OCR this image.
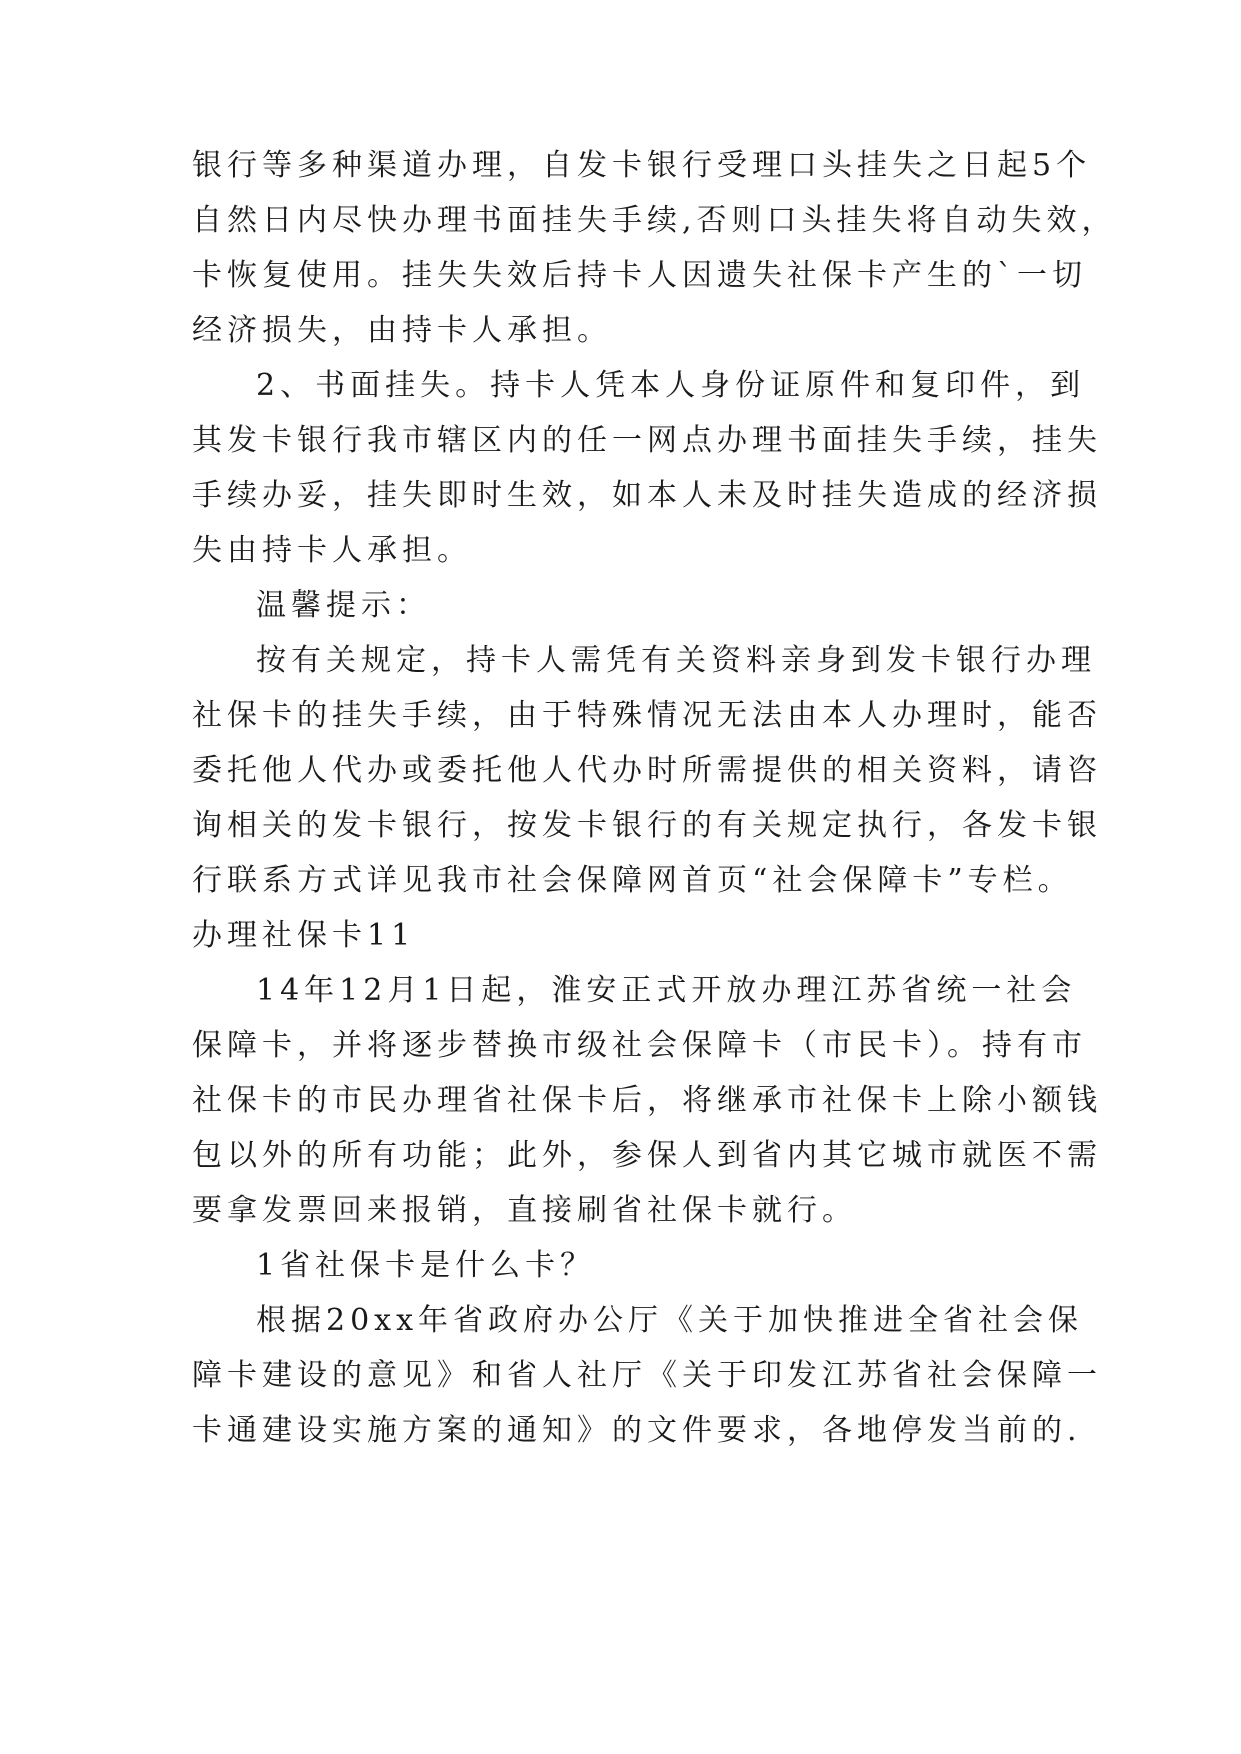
银行等多种渠道办理，自发卡银行受理口头挂失之日起5个
自然日内尽快办理书面挂失手续,否则口头挂失将自动失效，
卡恢复使用。挂失失效后持卡人因遗失社保卡产生的`一切
经济损失，由持卡人承担。
2、书面挂失。持卡人凭本人身份证原件和复印件，到
其发卡银行我市辖区内的任一网点办理书面挂失手续，挂失
手续办妥，挂失即时生效，如本人未及时挂失造成的经济损
失由持卡人承担。
温馨提示：
按有关规定，持卡人需凭有关资料亲身到发卡银行办理
社保卡的挂失手续，由于特殊情况无法由本人办理时，能否
委托他人代办或委托他人代办时所需提供的相关资料，请咨
询相关的发卡银行，按发卡银行的有关规定执行，各发卡银
行联系方式详见我市社会保障网首页“社会保障卡”专栏。
办理社保卡11
14年12月1日起，淮安正式开放办理江苏省统一社会
保障卡，并将逐步替换市级社会保障卡（市民卡）。持有市
社保卡的市民办理省社保卡后，将继承市社保卡上除小额钱
包以外的所有功能；此外，参保人到省内其它城市就医不需
要拿发票回来报销，直接刷省社保卡就行。
1省社保卡是什么卡？
根据20xx年省政府办公厅《关于加快推进全省社会保
障卡建设的意见》和省人社厅《关于印发江苏省社会保障一
卡通建设实施方案的通知》的文件要求，各地停发当前的.
